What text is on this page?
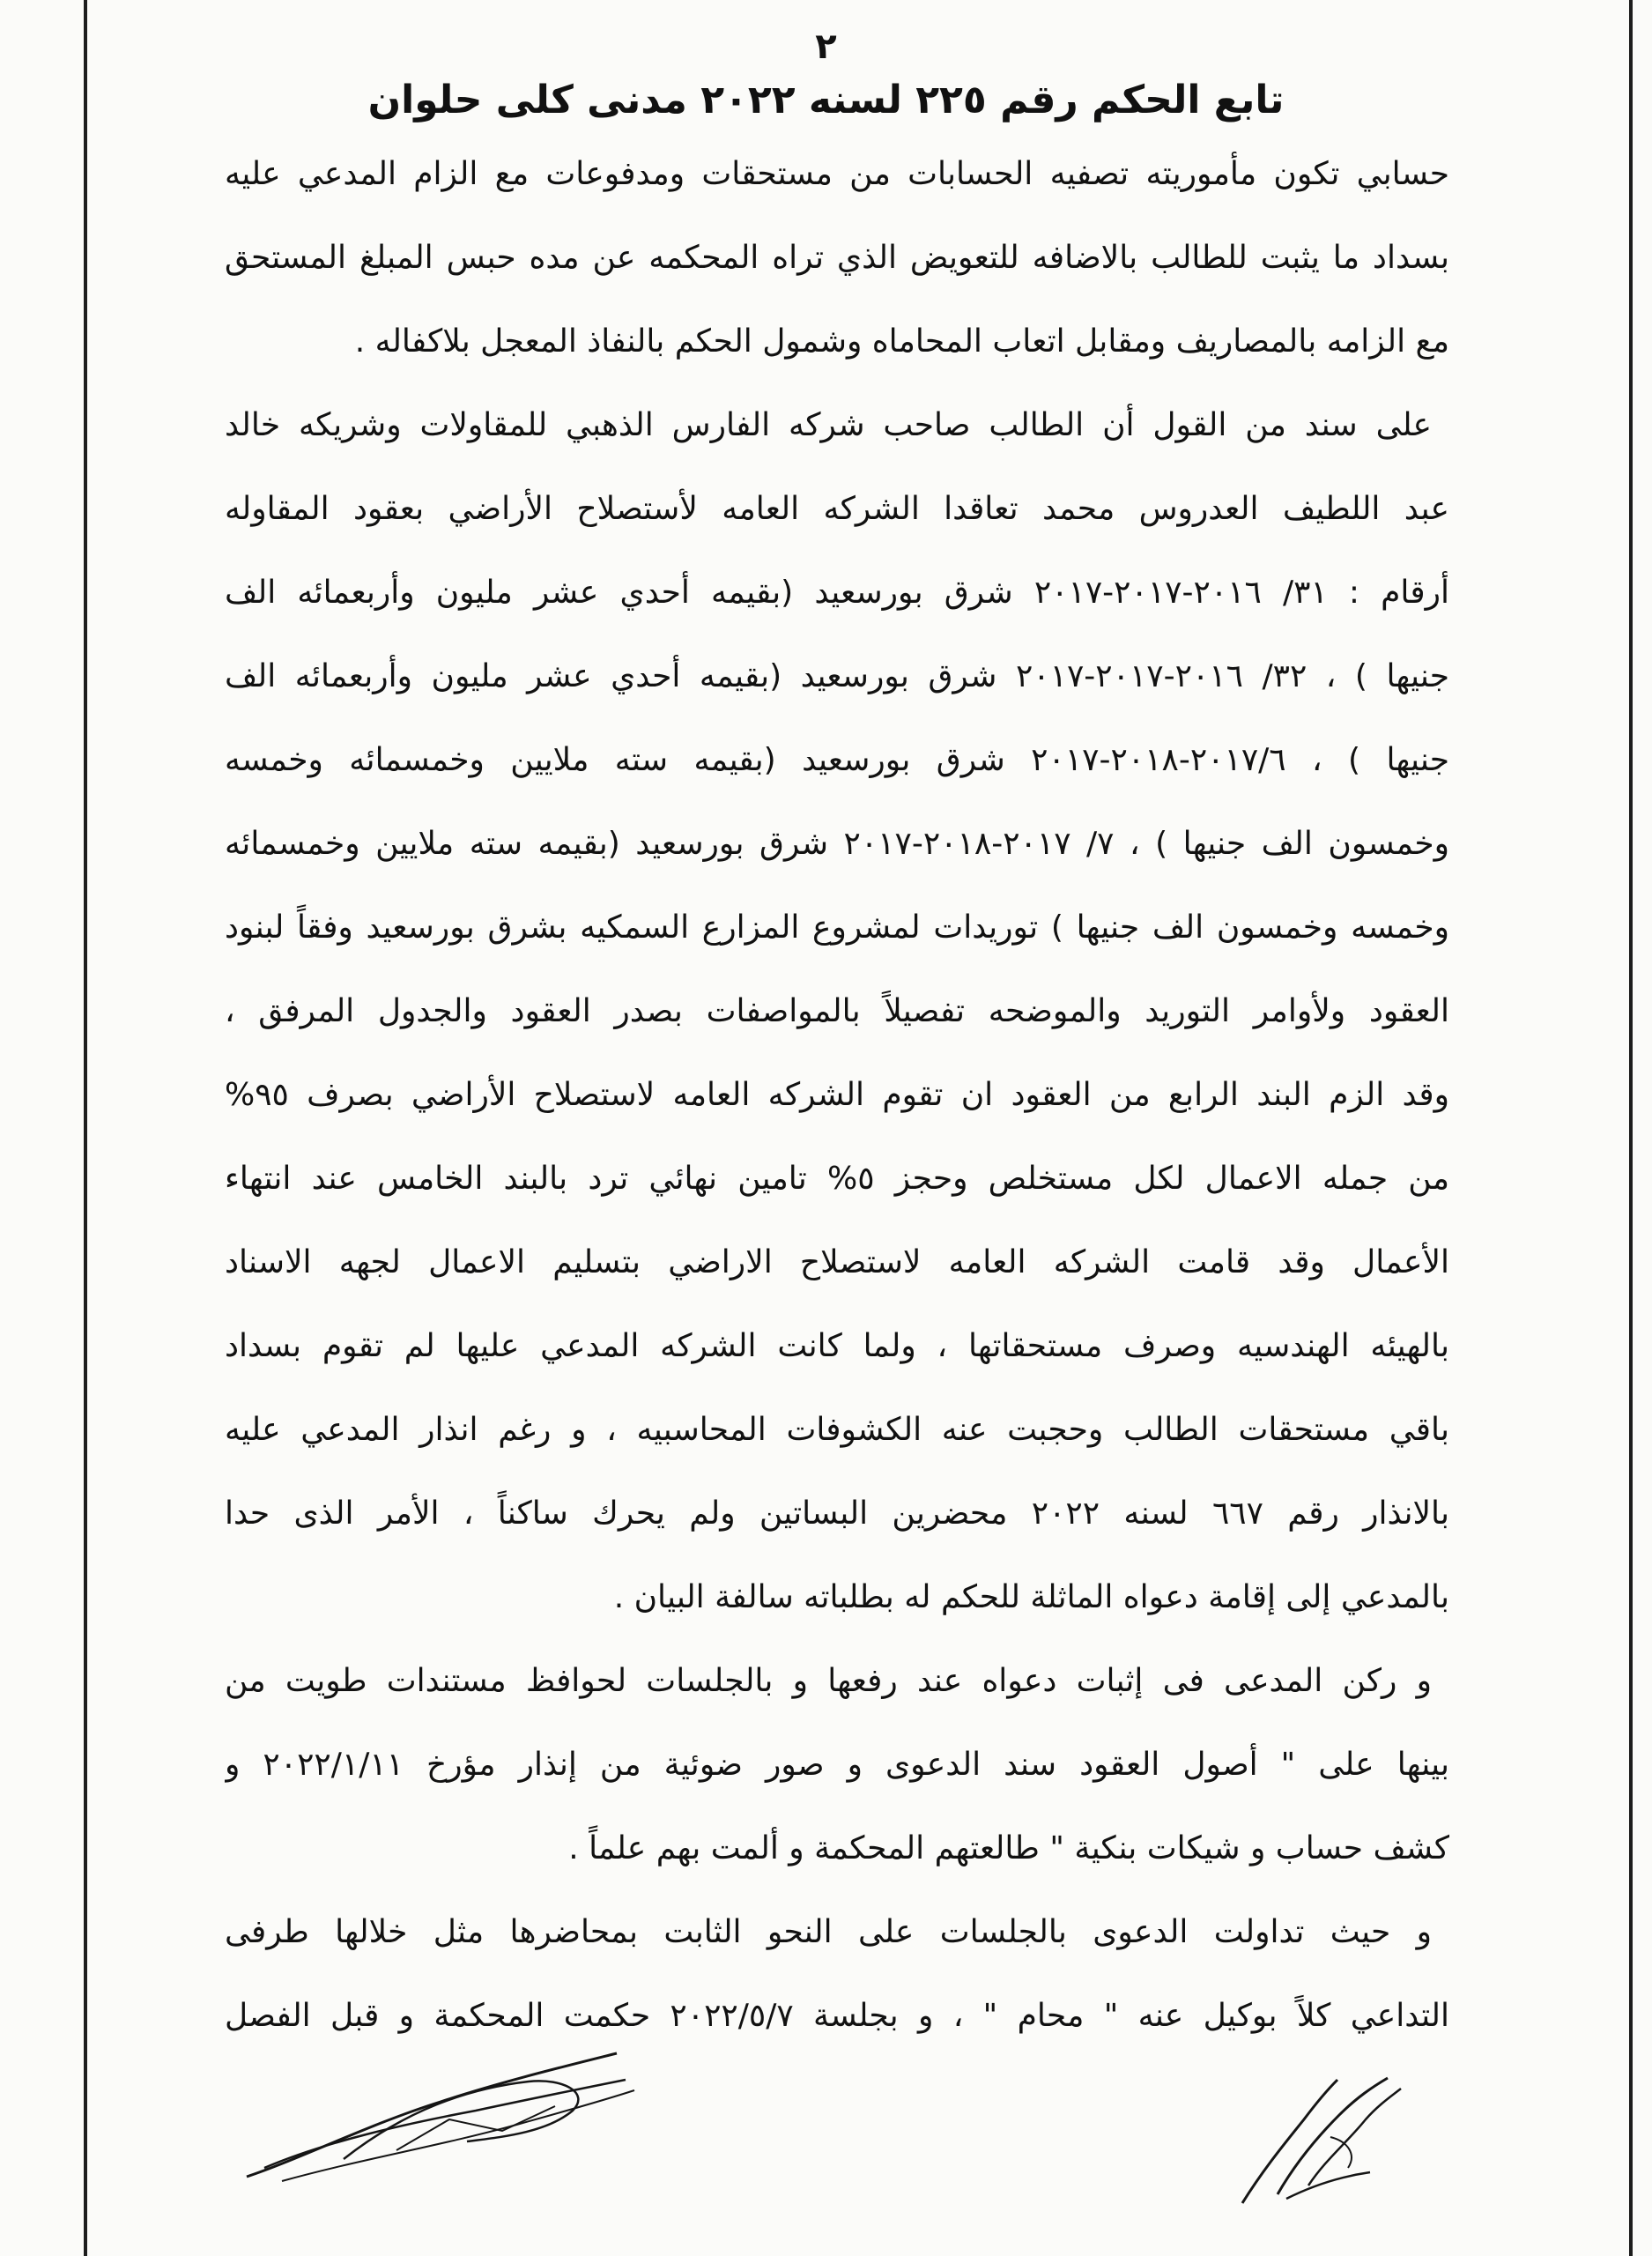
٢
تابع الحكم رقم ٢٢٥ لسنه ٢٠٢٢ مدنى كلى حلوان
حسابي تكون مأموريته تصفيه الحسابات من مستحقات ومدفوعات مع الزام المدعي عليه
بسداد ما يثبت للطالب بالاضافه للتعويض الذي تراه المحكمه عن مده حبس المبلغ المستحق
مع الزامه بالمصاريف ومقابل اتعاب المحاماه وشمول الحكم بالنفاذ المعجل بلاكفاله .
على سند من القول أن الطالب صاحب شركه الفارس الذهبي للمقاولات وشريكه خالد
عبد اللطيف العدروس محمد تعاقدا الشركه العامه لأستصلاح الأراضي بعقود المقاوله
أرقام : ٣١/ ٢٠١٦-٢٠١٧-٢٠١٧ شرق بورسعيد (بقيمه أحدي عشر مليون وأربعمائه الف
جنيها ) ، ٣٢/ ٢٠١٦-٢٠١٧-٢٠١٧ شرق بورسعيد (بقيمه أحدي عشر مليون وأربعمائه الف
جنيها ) ، ٢٠١٧/٦-٢٠١٨-٢٠١٧ شرق بورسعيد (بقيمه سته ملايين وخمسمائه وخمسه
وخمسون الف جنيها ) ، ٧/ ٢٠١٧-٢٠١٨-٢٠١٧ شرق بورسعيد (بقيمه سته ملايين وخمسمائه
وخمسه وخمسون الف جنيها ) توريدات لمشروع المزارع السمكيه بشرق بورسعيد وفقاً لبنود
العقود ولأوامر التوريد والموضحه تفصيلاً بالمواصفات بصدر العقود والجدول المرفق ،
وقد الزم البند الرابع من العقود ان تقوم الشركه العامه لاستصلاح الأراضي بصرف ٩٥%
من جمله الاعمال لكل مستخلص وحجز ٥% تامين نهائي ترد بالبند الخامس عند انتهاء
الأعمال وقد قامت الشركه العامه لاستصلاح الاراضي بتسليم الاعمال لجهه الاسناد
بالهيئه الهندسيه وصرف مستحقاتها ، ولما كانت الشركه المدعي عليها لم تقوم بسداد
باقي مستحقات الطالب وحجبت عنه الكشوفات المحاسبيه ، و رغم انذار المدعي عليه
بالانذار رقم ٦٦٧ لسنه ٢٠٢٢ محضرين البساتين ولم يحرك ساكناً ، الأمر الذى حدا
بالمدعي إلى إقامة دعواه الماثلة للحكم له بطلباته سالفة البيان .
و ركن المدعى فى إثبات دعواه عند رفعها و بالجلسات لحوافظ مستندات طويت من
بينها على " أصول العقود سند الدعوى و صور ضوئية من إنذار مؤرخ ٢٠٢٢/١/١١ و
كشف حساب و شيكات بنكية " طالعتهم المحكمة و ألمت بهم علماً .
و حيث تداولت الدعوى بالجلسات على النحو الثابت بمحاضرها مثل خلالها طرفى
التداعي كلاً بوكيل عنه " محام " ، و بجلسة ٢٠٢٢/٥/٧ حكمت المحكمة و قبل الفصل
